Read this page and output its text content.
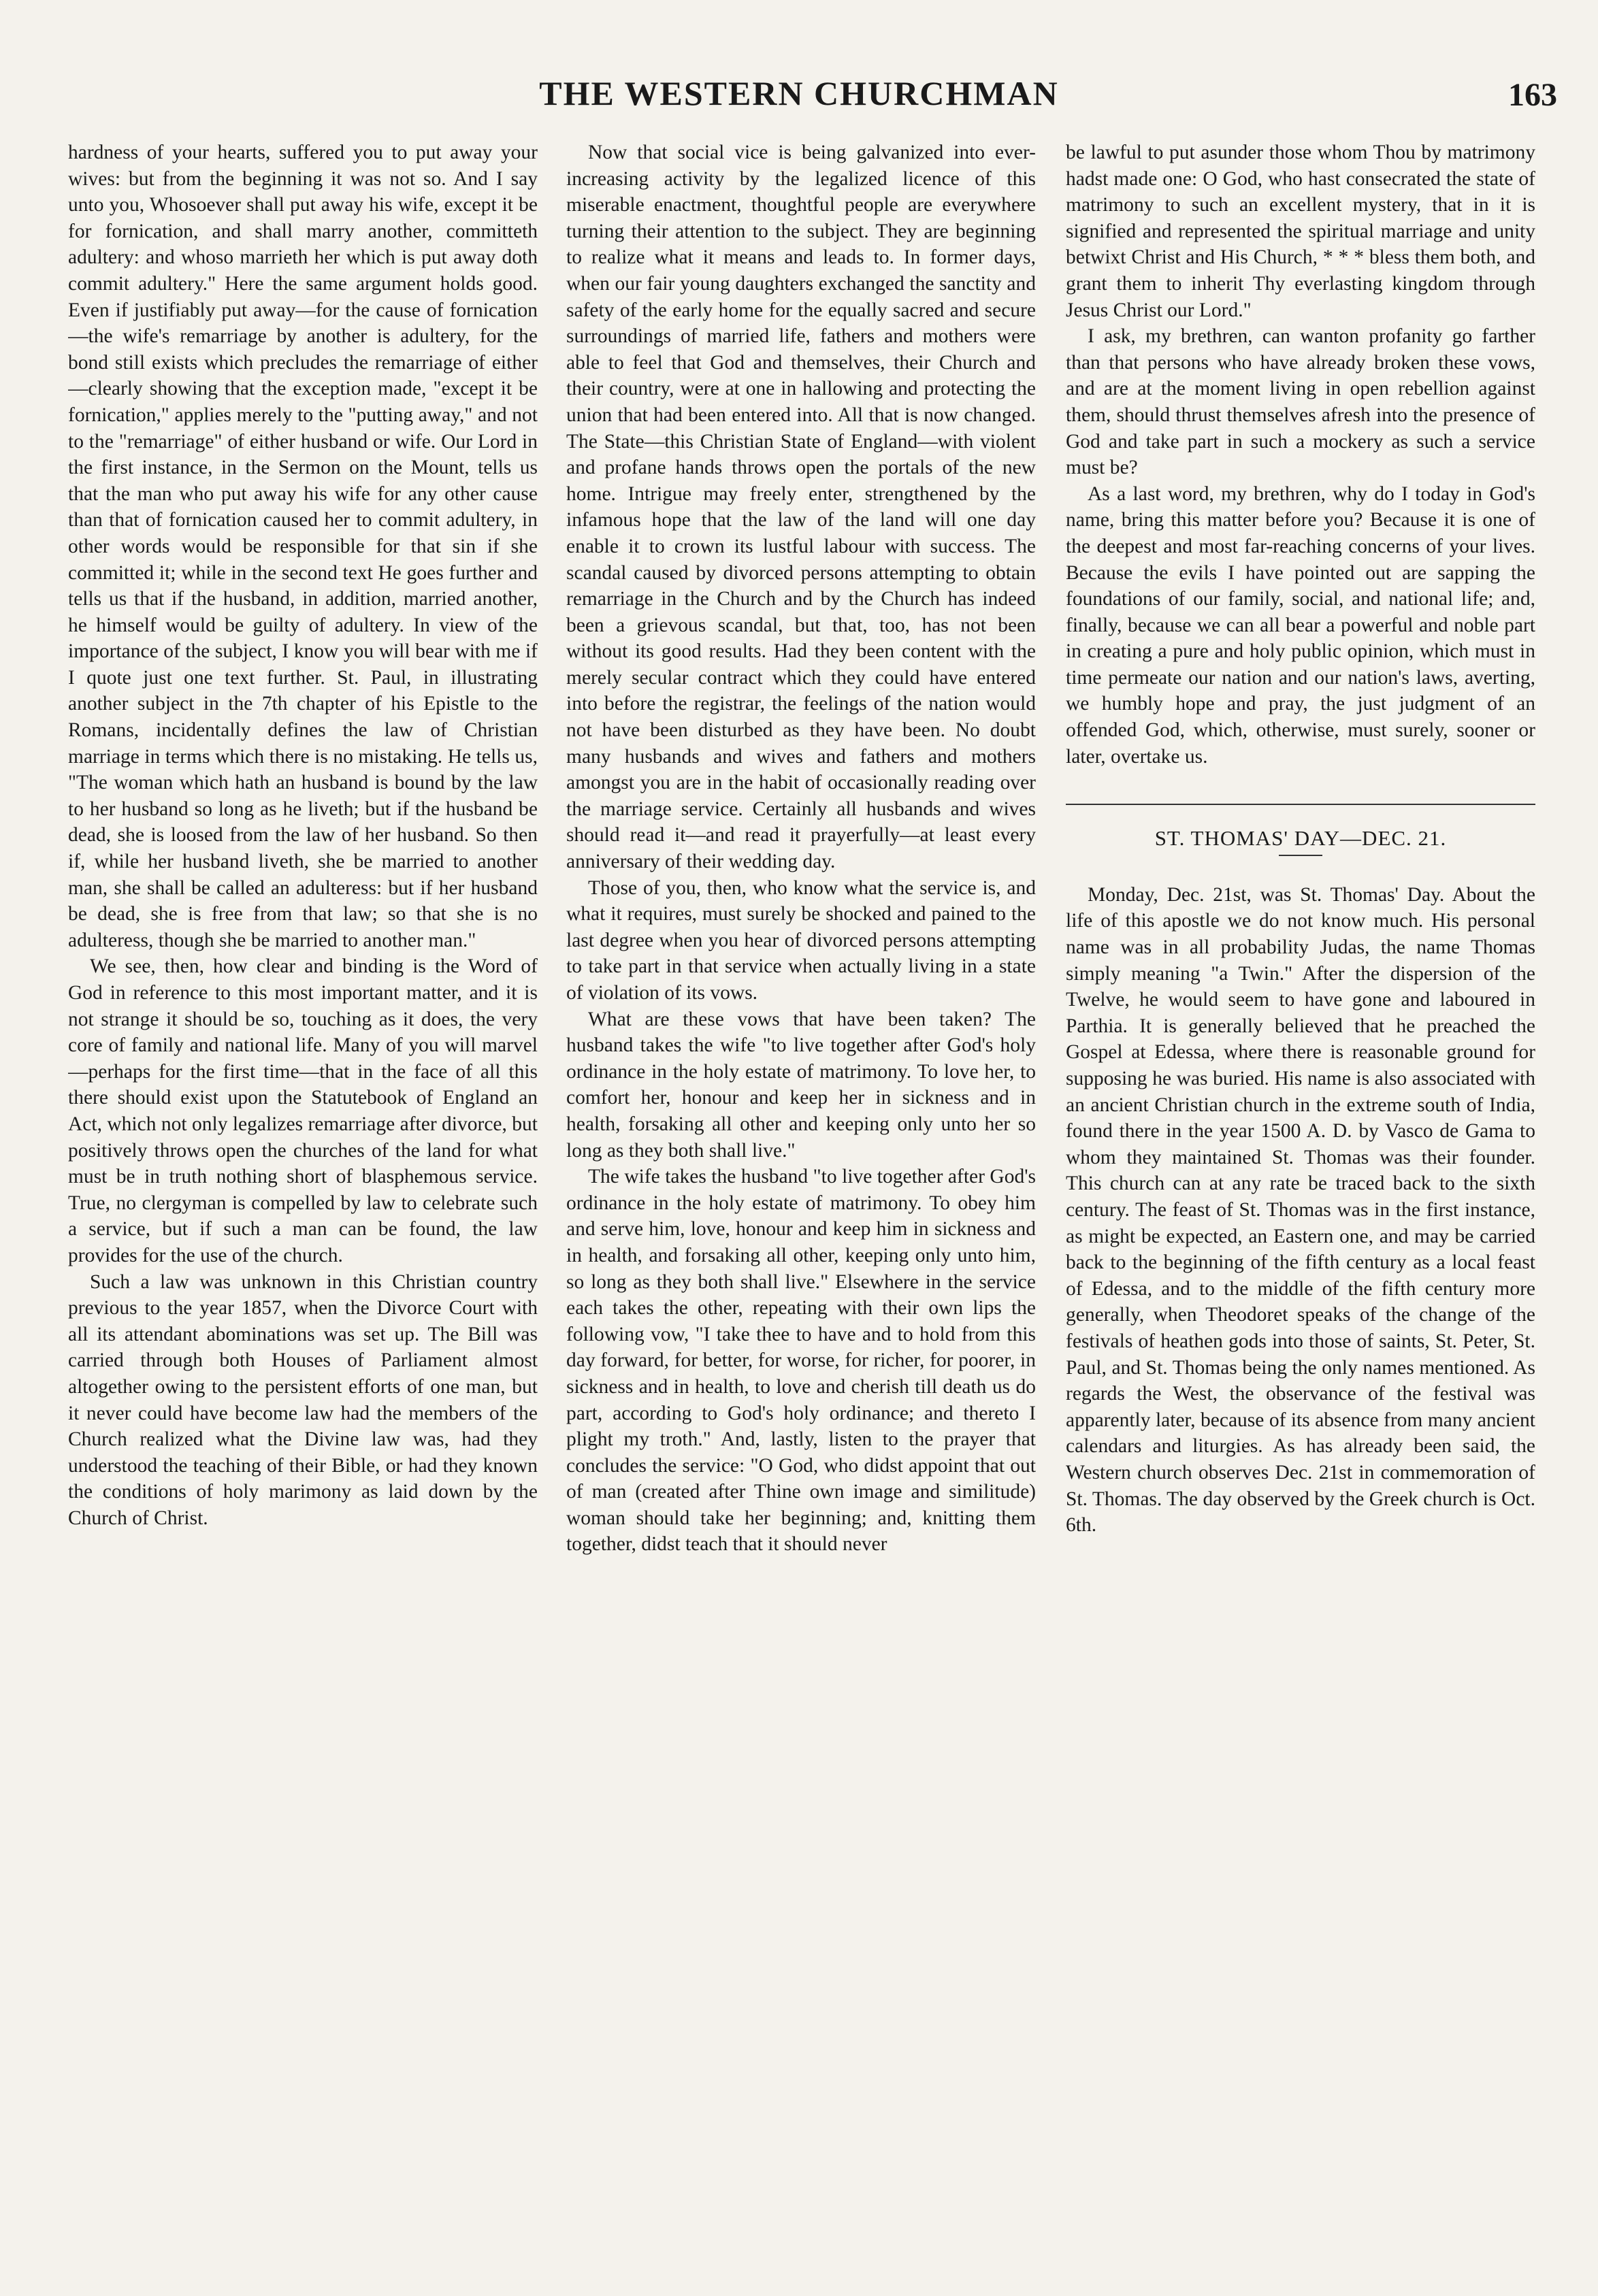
THE WESTERN CHURCHMAN	163

hardness of your hearts, suffered you to put away your wives: but from the beginning it was not so. And I say unto you, Whosoever shall put away his wife, except it be for fornication, and shall marry another, committeth adultery: and whoso marrieth her which is put away doth commit adultery." Here the same argument holds good. Even if justifiably put away—for the cause of fornication—the wife's remarriage by another is adultery, for the bond still exists which precludes the remarriage of either—clearly showing that the exception made, "except it be fornication," applies merely to the "putting away," and not to the "remarriage" of either husband or wife. Our Lord in the first instance, in the Sermon on the Mount, tells us that the man who put away his wife for any other cause than that of fornication caused her to commit adultery, in other words would be responsible for that sin if she committed it; while in the second text He goes further and tells us that if the husband, in addition, married another, he himself would be guilty of adultery. In view of the importance of the subject, I know you will bear with me if I quote just one text further. St. Paul, in illustrating another subject in the 7th chapter of his Epistle to the Romans, incidentally defines the law of Christian marriage in terms which there is no mistaking. He tells us, "The woman which hath an husband is bound by the law to her husband so long as he liveth; but if the husband be dead, she is loosed from the law of her husband. So then if, while her husband liveth, she be married to another man, she shall be called an adulteress: but if her husband be dead, she is free from that law; so that she is no adulteress, though she be married to another man."

We see, then, how clear and binding is the Word of God in reference to this most important matter, and it is not strange it should be so, touching as it does, the very core of family and national life. Many of you will marvel—perhaps for the first time—that in the face of all this there should exist upon the Statutebook of England an Act, which not only legalizes remarriage after divorce, but positively throws open the churches of the land for what must be in truth nothing short of blasphemous service. True, no clergyman is compelled by law to celebrate such a service, but if such a man can be found, the law provides for the use of the church.

Such a law was unknown in this Christian country previous to the year 1857, when the Divorce Court with all its attendant abominations was set up. The Bill was carried through both Houses of Parliament almost altogether owing to the persistent efforts of one man, but it never could have become law had the members of the Church realized what the Divine law was, had they understood the teaching of their Bible, or had they known the conditions of holy marimony as laid down by the Church of Christ.

Now that social vice is being galvanized into ever-increasing activity by the legalized licence of this miserable enactment, thoughtful people are everywhere turning their attention to the subject. They are beginning to realize what it means and leads to. In former days, when our fair young daughters exchanged the sanctity and safety of the early home for the equally sacred and secure surroundings of married life, fathers and mothers were able to feel that God and themselves, their Church and their country, were at one in hallowing and protecting the union that had been entered into. All that is now changed. The State—this Christian State of England—with violent and profane hands throws open the portals of the new home. Intrigue may freely enter, strengthened by the infamous hope that the law of the land will one day enable it to crown its lustful labour with success. The scandal caused by divorced persons attempting to obtain remarriage in the Church and by the Church has indeed been a grievous scandal, but that, too, has not been without its good results. Had they been content with the merely secular contract which they could have entered into before the registrar, the feelings of the nation would not have been disturbed as they have been. No doubt many husbands and wives and fathers and mothers amongst you are in the habit of occasionally reading over the marriage service. Certainly all husbands and wives should read it—and read it prayerfully—at least every anniversary of their wedding day.

Those of you, then, who know what the service is, and what it requires, must surely be shocked and pained to the last degree when you hear of divorced persons attempting to take part in that service when actually living in a state of violation of its vows.

What are these vows that have been taken? The husband takes the wife "to live together after God's holy ordinance in the holy estate of matrimony. To love her, to comfort her, honour and keep her in sickness and in health, forsaking all other and keeping only unto her so long as they both shall live."

The wife takes the husband "to live together after God's ordinance in the holy estate of matrimony. To obey him and serve him, love, honour and keep him in sickness and in health, and forsaking all other, keeping only unto him, so long as they both shall live." Elsewhere in the service each takes the other, repeating with their own lips the following vow, "I take thee to have and to hold from this day forward, for better, for worse, for richer, for poorer, in sickness and in health, to love and cherish till death us do part, according to God's holy ordinance; and thereto I plight my troth." And, lastly, listen to the prayer that concludes the service: "O God, who didst appoint that out of man (created after Thine own image and similitude) woman should take her beginning; and, knitting them together, didst teach that it should never

be lawful to put asunder those whom Thou by matrimony hadst made one: O God, who hast consecrated the state of matrimony to such an excellent mystery, that in it is signified and represented the spiritual marriage and unity betwixt Christ and His Church, * * * bless them both, and grant them to inherit Thy everlasting kingdom through Jesus Christ our Lord."

I ask, my brethren, can wanton profanity go farther than that persons who have already broken these vows, and are at the moment living in open rebellion against them, should thrust themselves afresh into the presence of God and take part in such a mockery as such a service must be?

As a last word, my brethren, why do I today in God's name, bring this matter before you? Because it is one of the deepest and most far-reaching concerns of your lives. Because the evils I have pointed out are sapping the foundations of our family, social, and national life; and, finally, because we can all bear a powerful and noble part in creating a pure and holy public opinion, which must in time permeate our nation and our nation's laws, averting, we humbly hope and pray, the just judgment of an offended God, which, otherwise, must surely, sooner or later, overtake us.

ST. THOMAS' DAY—DEC. 21.

Monday, Dec. 21st, was St. Thomas' Day. About the life of this apostle we do not know much. His personal name was in all probability Judas, the name Thomas simply meaning "a Twin." After the dispersion of the Twelve, he would seem to have gone and laboured in Parthia. It is generally believed that he preached the Gospel at Edessa, where there is reasonable ground for supposing he was buried. His name is also associated with an ancient Christian church in the extreme south of India, found there in the year 1500 A. D. by Vasco de Gama to whom they maintained St. Thomas was their founder. This church can at any rate be traced back to the sixth century. The feast of St. Thomas was in the first instance, as might be expected, an Eastern one, and may be carried back to the beginning of the fifth century as a local feast of Edessa, and to the middle of the fifth century more generally, when Theodoret speaks of the change of the festivals of heathen gods into those of saints, St. Peter, St. Paul, and St. Thomas being the only names mentioned. As regards the West, the observance of the festival was apparently later, because of its absence from many ancient calendars and liturgies. As has already been said, the Western church observes Dec. 21st in commemoration of St. Thomas. The day observed by the Greek church is Oct. 6th.
